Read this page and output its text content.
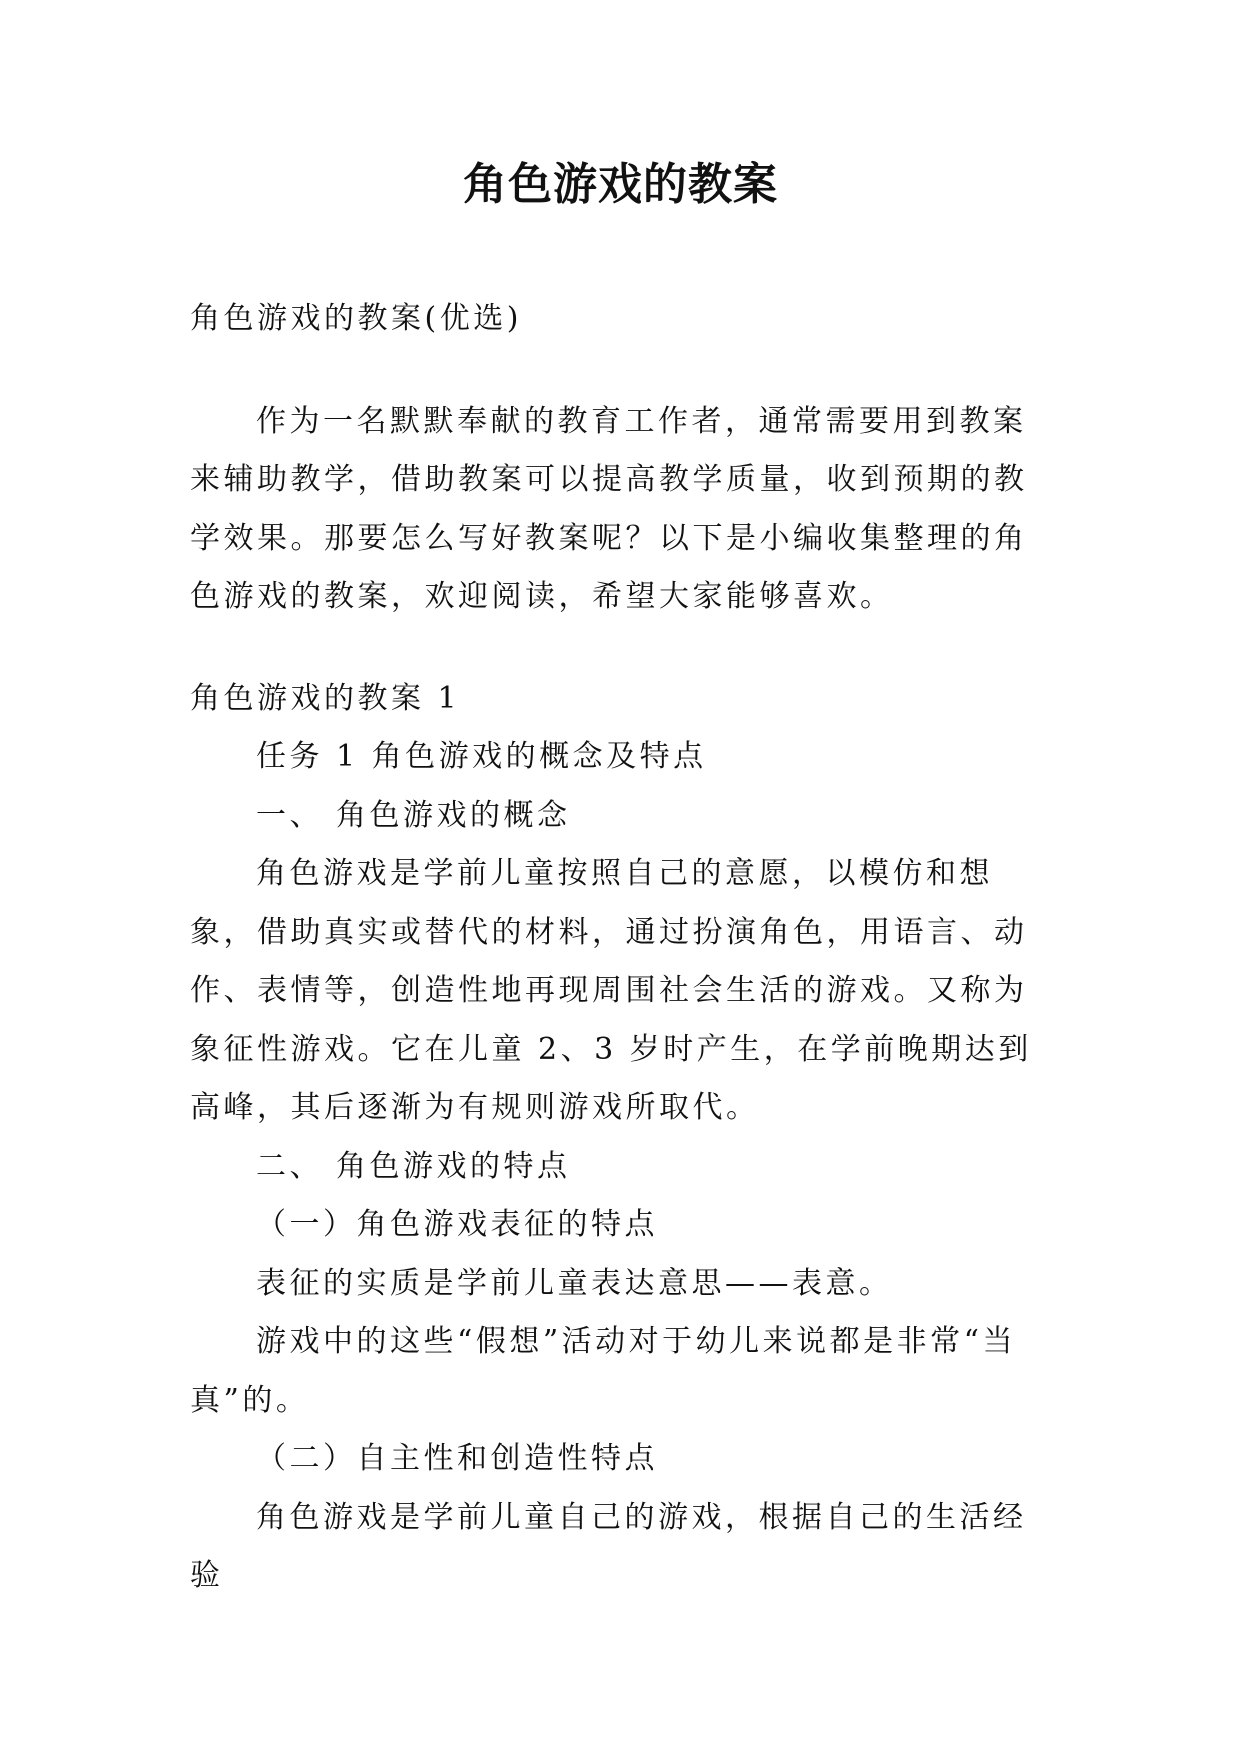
角色游戏的教案

角色游戏的教案(优选)

作为一名默默奉献的教育工作者，通常需要用到教案来辅助教学，借助教案可以提高教学质量，收到预期的教学效果。那要怎么写好教案呢？以下是小编收集整理的角色游戏的教案，欢迎阅读，希望大家能够喜欢。

角色游戏的教案 1

任务 1 角色游戏的概念及特点

一、 角色游戏的概念

角色游戏是学前儿童按照自己的意愿，以模仿和想象，借助真实或替代的材料，通过扮演角色，用语言、动作、表情等，创造性地再现周围社会生活的游戏。又称为象征性游戏。它在儿童 2、3 岁时产生，在学前晚期达到高峰，其后逐渐为有规则游戏所取代。

二、 角色游戏的特点

（一）角色游戏表征的特点

表征的实质是学前儿童表达意思——表意。

游戏中的这些“假想”活动对于幼儿来说都是非常“当真”的。

（二）自主性和创造性特点

角色游戏是学前儿童自己的游戏，根据自己的生活经验
